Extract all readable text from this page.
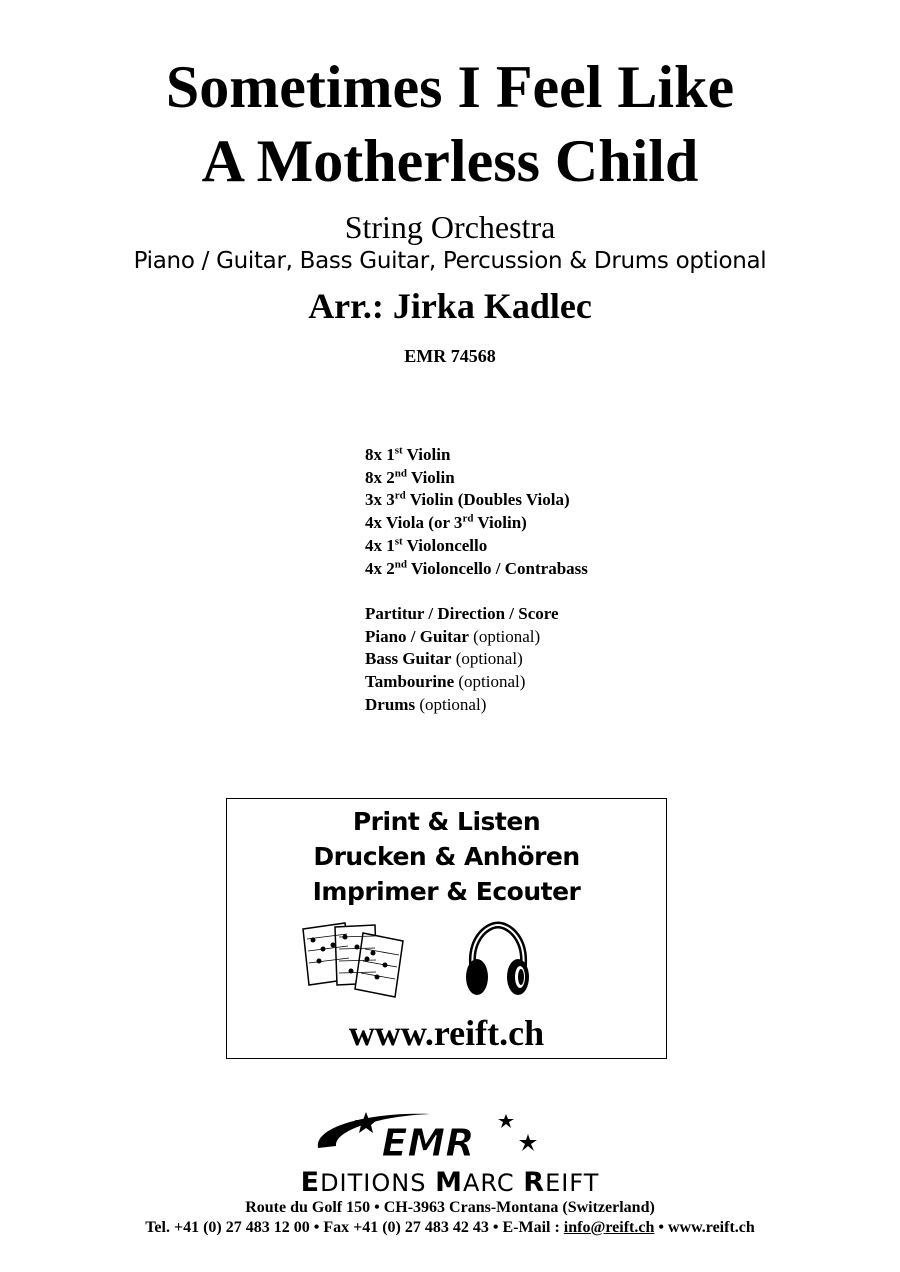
Sometimes I Feel Like
A Motherless Child
String Orchestra
Piano / Guitar, Bass Guitar, Percussion & Drums optional
Arr.: Jirka Kadlec
EMR 74568
8x 1st Violin
8x 2nd Violin
3x 3rd Violin (Doubles Viola)
4x Viola (or 3rd Violin)
4x 1st Violoncello
4x 2nd Violoncello / Contrabass
Partitur / Direction / Score
Piano / Guitar (optional)
Bass Guitar (optional)
Tambourine (optional)
Drums (optional)
Print & Listen
Drucken & Anhören
Imprimer & Ecouter
www.reift.ch
EMR
EDITIONS MARC REIFT
Route du Golf 150 • CH-3963 Crans-Montana (Switzerland)
Tel. +41 (0) 27 483 12 00 • Fax +41 (0) 27 483 42 43 • E-Mail : info@reift.ch • www.reift.ch
